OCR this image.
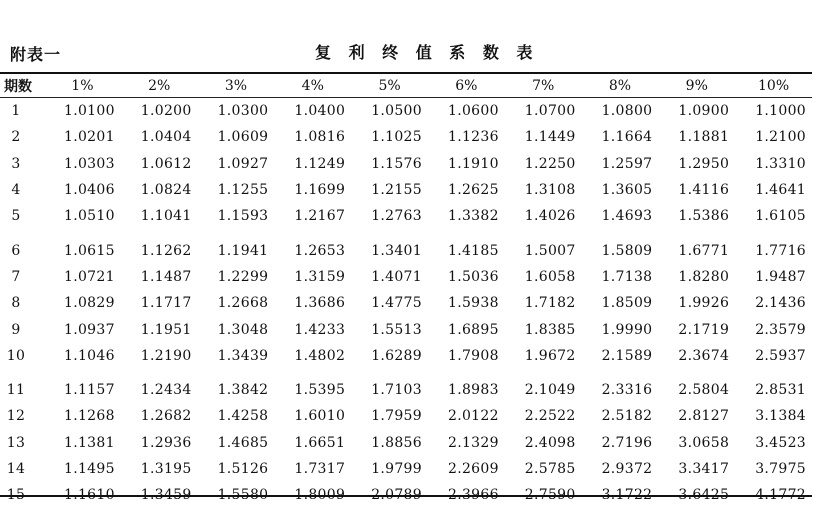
附表一	复 利 终 值 系 数 表
期数	1%	2%	3%	4%	5%	6%	7%	8%	9%	10%
1	1.0100	1.0200	1.0300	1.0400	1.0500	1.0600	1.0700	1.0800	1.0900	1.1000
2	1.0201	1.0404	1.0609	1.0816	1.1025	1.1236	1.1449	1.1664	1.1881	1.2100
3	1.0303	1.0612	1.0927	1.1249	1.1576	1.1910	1.2250	1.2597	1.2950	1.3310
4	1.0406	1.0824	1.1255	1.1699	1.2155	1.2625	1.3108	1.3605	1.4116	1.4641
5	1.0510	1.1041	1.1593	1.2167	1.2763	1.3382	1.4026	1.4693	1.5386	1.6105
6	1.0615	1.1262	1.1941	1.2653	1.3401	1.4185	1.5007	1.5809	1.6771	1.7716
7	1.0721	1.1487	1.2299	1.3159	1.4071	1.5036	1.6058	1.7138	1.8280	1.9487
8	1.0829	1.1717	1.2668	1.3686	1.4775	1.5938	1.7182	1.8509	1.9926	2.1436
9	1.0937	1.1951	1.3048	1.4233	1.5513	1.6895	1.8385	1.9990	2.1719	2.3579
10	1.1046	1.2190	1.3439	1.4802	1.6289	1.7908	1.9672	2.1589	2.3674	2.5937
11	1.1157	1.2434	1.3842	1.5395	1.7103	1.8983	2.1049	2.3316	2.5804	2.8531
12	1.1268	1.2682	1.4258	1.6010	1.7959	2.0122	2.2522	2.5182	2.8127	3.1384
13	1.1381	1.2936	1.4685	1.6651	1.8856	2.1329	2.4098	2.7196	3.0658	3.4523
14	1.1495	1.3195	1.5126	1.7317	1.9799	2.2609	2.5785	2.9372	3.3417	3.7975
15	1.1610	1.3459	1.5580	1.8009	2.0789	2.3966	2.7590	3.1722	3.6425	4.1772
